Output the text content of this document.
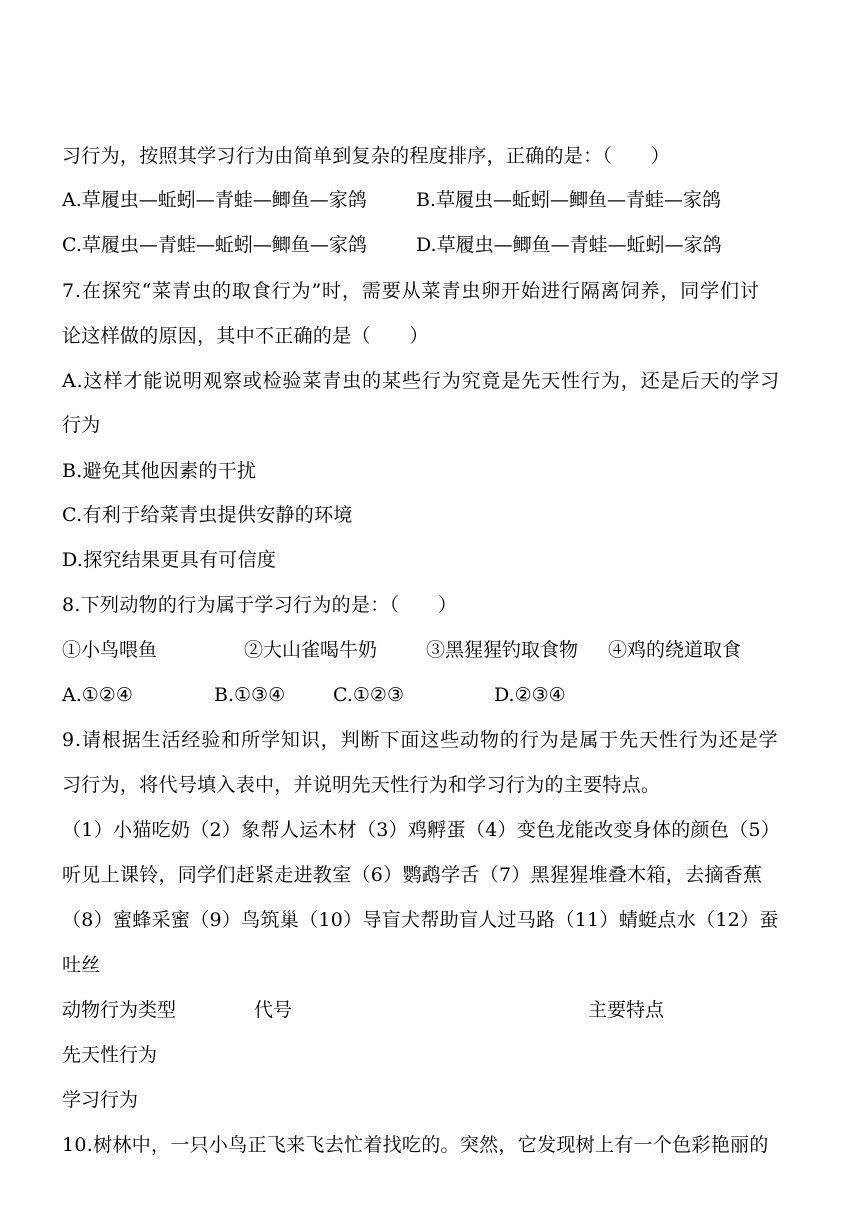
习行为，按照其学习行为由简单到复杂的程度排序，正确的是：（　　）
A.草履虫—蚯蚓—青蛙—鲫鱼—家鸽	B.草履虫—蚯蚓—鲫鱼—青蛙—家鸽
C.草履虫—青蛙—蚯蚓—鲫鱼—家鸽	D.草履虫—鲫鱼—青蛙—蚯蚓—家鸽
7.在探究“菜青虫的取食行为”时，需要从菜青虫卵开始进行隔离饲养，同学们讨
论这样做的原因，其中不正确的是（　　）
A.这样才能说明观察或检验菜青虫的某些行为究竟是先天性行为，还是后天的学习
行为
B.避免其他因素的干扰
C.有利于给菜青虫提供安静的环境
D.探究结果更具有可信度
8.下列动物的行为属于学习行为的是：（　　）
①小鸟喂鱼	②大山雀喝牛奶	③黑猩猩钓取食物 ④鸡的绕道取食
A.①②④	B.①③④	C.①②③	D.②③④
9.请根据生活经验和所学知识，判断下面这些动物的行为是属于先天性行为还是学
习行为，将代号填入表中，并说明先天性行为和学习行为的主要特点。
（1）小猫吃奶（2）象帮人运木材（3）鸡孵蛋（4）变色龙能改变身体的颜色（5）
听见上课铃，同学们赶紧走进教室（6）鹦鹉学舌（7）黑猩猩堆叠木箱，去摘香蕉
（8）蜜蜂采蜜（9）鸟筑巢（10）导盲犬帮助盲人过马路（11）蜻蜓点水（12）蚕
吐丝
动物行为类型	代号	主要特点
先天性行为
学习行为
10.树林中，一只小鸟正飞来飞去忙着找吃的。突然，它发现树上有一个色彩艳丽的
